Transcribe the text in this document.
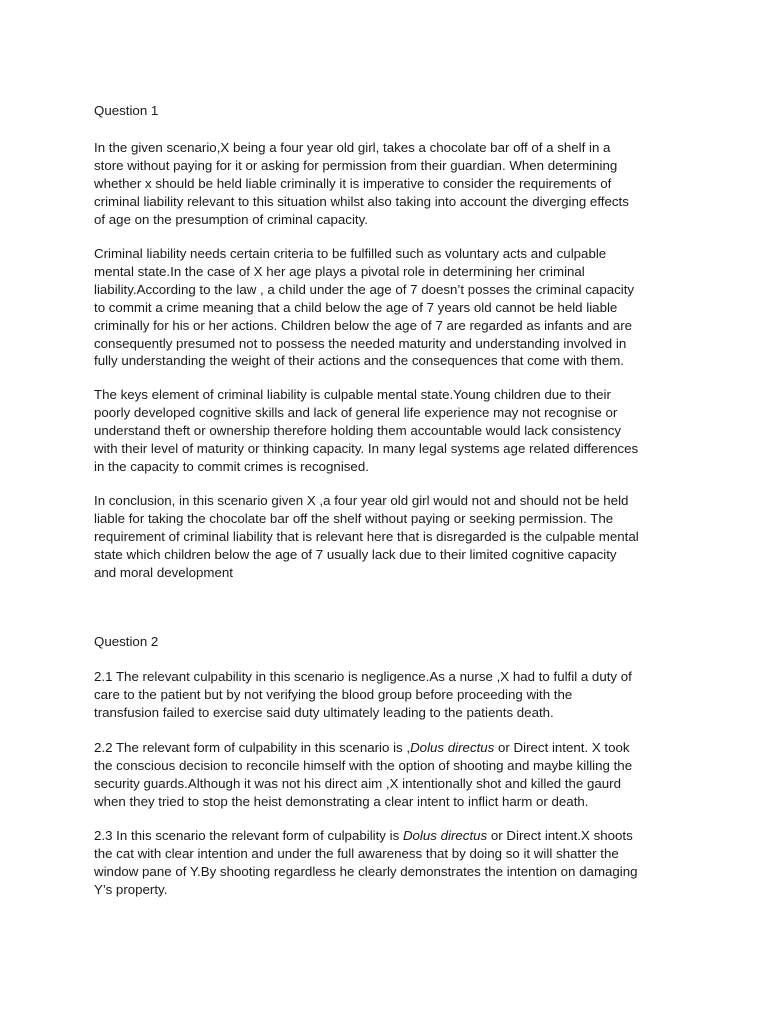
Question 1
In the given scenario,X being a four year old girl, takes a chocolate bar off of a shelf in a
store without paying for it or asking for permission from their guardian. When determining
whether x should be held liable criminally it is imperative to consider the requirements of
criminal liability relevant to this situation whilst also taking into account the diverging effects
of age on the presumption of criminal capacity.
Criminal liability needs certain criteria to be fulfilled such as voluntary acts and culpable
mental state.In the case of X her age plays a pivotal role in determining her criminal
liability.According to the law , a child under the age of 7 doesn’t posses the criminal capacity
to commit a crime meaning that a child below the age of 7 years old cannot be held liable
criminally for his or her actions. Children below the age of 7 are regarded as infants and are
consequently presumed not to possess the needed maturity and understanding involved in
fully understanding the weight of their actions and the consequences that come with them.
The keys element of criminal liability is culpable mental state.Young children due to their
poorly developed cognitive skills and lack of general life experience may not recognise or
understand theft or ownership therefore holding them accountable would lack consistency
with their level of maturity or thinking capacity. In many legal systems age related differences
in the capacity to commit crimes is recognised.
In conclusion, in this scenario given X ,a four year old girl would not and should not be held
liable for taking the chocolate bar off the shelf without paying or seeking permission. The
requirement of criminal liability that is relevant here that is disregarded is the culpable mental
state which children below the age of 7 usually lack due to their limited cognitive capacity
and moral development
Question 2
2.1 The relevant culpability in this scenario is negligence.As a nurse ,X had to fulfil a duty of
care to the patient but by not verifying the blood group before proceeding with the
transfusion failed to exercise said duty ultimately leading to the patients death.
2.2 The relevant form of culpability in this scenario is ,Dolus directus or Direct intent. X took
the conscious decision to reconcile himself with the option of shooting and maybe killing the
security guards.Although it was not his direct aim ,X intentionally shot and killed the gaurd
when they tried to stop the heist demonstrating a clear intent to inflict harm or death.
2.3 In this scenario the relevant form of culpability is Dolus directus or Direct intent.X shoots
the cat with clear intention and under the full awareness that by doing so it will shatter the
window pane of Y.By shooting regardless he clearly demonstrates the intention on damaging
Y’s property.
